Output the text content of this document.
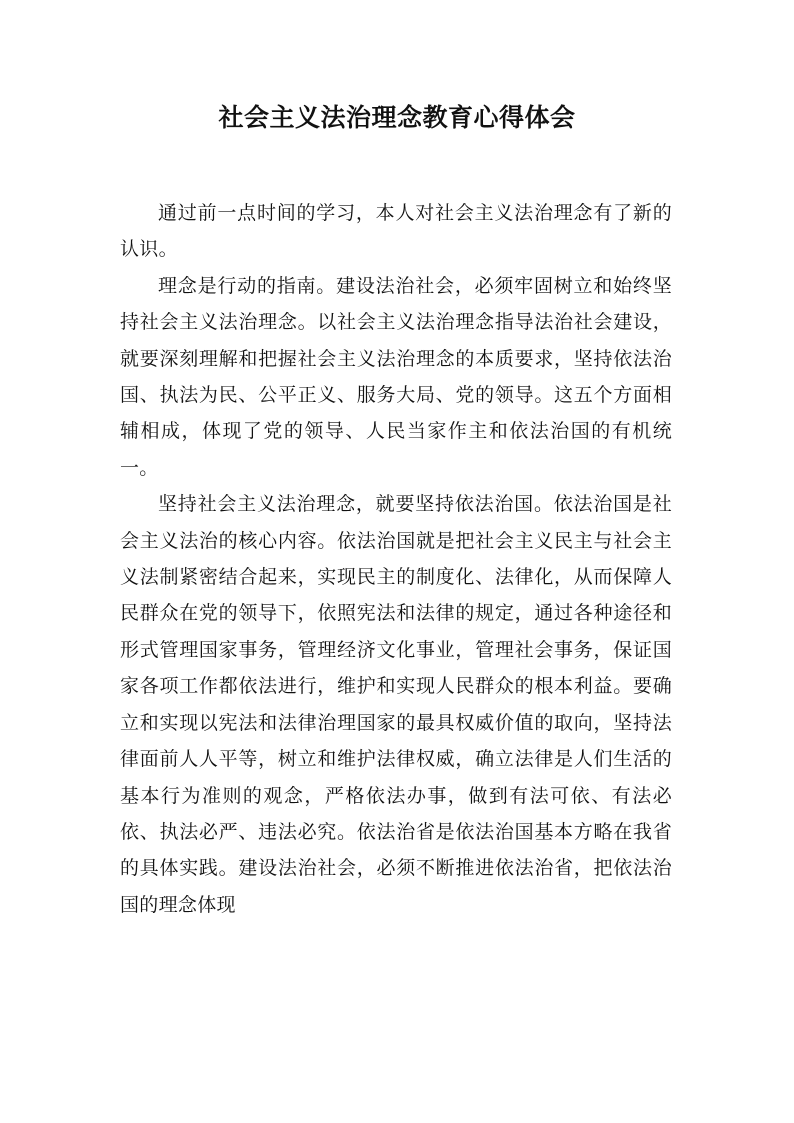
社会主义法治理念教育心得体会

通过前一点时间的学习，本人对社会主义法治理念有了新的认识。

理念是行动的指南。建设法治社会，必须牢固树立和始终坚持社会主义法治理念。以社会主义法治理念指导法治社会建设，就要深刻理解和把握社会主义法治理念的本质要求，坚持依法治国、执法为民、公平正义、服务大局、党的领导。这五个方面相辅相成，体现了党的领导、人民当家作主和依法治国的有机统一。

坚持社会主义法治理念，就要坚持依法治国。依法治国是社会主义法治的核心内容。依法治国就是把社会主义民主与社会主义法制紧密结合起来，实现民主的制度化、法律化，从而保障人民群众在党的领导下，依照宪法和法律的规定，通过各种途径和形式管理国家事务，管理经济文化事业，管理社会事务，保证国家各项工作都依法进行，维护和实现人民群众的根本利益。要确立和实现以宪法和法律治理国家的最具权威价值的取向，坚持法律面前人人平等，树立和维护法律权威，确立法律是人们生活的基本行为准则的观念，严格依法办事，做到有法可依、有法必依、执法必严、违法必究。依法治省是依法治国基本方略在我省的具体实践。建设法治社会，必须不断推进依法治省，把依法治国的理念体现
